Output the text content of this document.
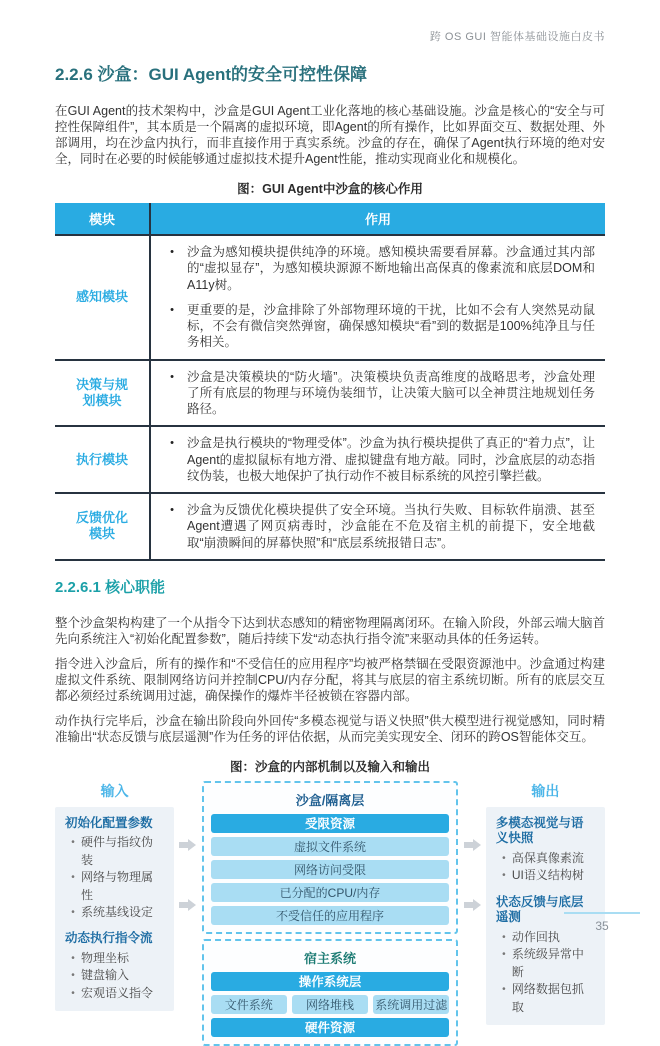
跨 OS GUI 智能体基础设施白皮书
2.2.6 沙盒：GUI Agent的安全可控性保障

在GUI Agent的技术架构中，沙盒是GUI Agent工业化落地的核心基础设施。沙盒是核心的“安全与可控性保障组件”，其本质是一个隔离的虚拟环境，即Agent的所有操作，比如界面交互、数据处理、外部调用，均在沙盒内执行，而非直接作用于真实系统。沙盒的存在，确保了Agent执行环境的绝对安全，同时在必要的时候能够通过虚拟技术提升Agent性能，推动实现商业化和规模化。

图：GUI Agent中沙盒的核心作用
模块	作用
感知模块	• 沙盒为感知模块提供纯净的环境。感知模块需要看屏幕。沙盒通过其内部的“虚拟显存”，为感知模块源源不断地输出高保真的像素流和底层DOM和A11y树。
• 更重要的是，沙盒排除了外部物理环境的干扰，比如不会有人突然晃动鼠标，不会有微信突然弹窗，确保感知模块“看”到的数据是100%纯净且与任务相关。

决策与规划模块	• 沙盒是决策模块的“防火墙”。决策模块负责高维度的战略思考，沙盒处理了所有底层的物理与环境伪装细节，让决策大脑可以全神贯注地规划任务路径。

执行模块	• 沙盒是执行模块的“物理受体”。沙盒为执行模块提供了真正的“着力点”，让Agent的虚拟鼠标有地方滑、虚拟键盘有地方敲。同时，沙盒底层的动态指纹伪装，也极大地保护了执行动作不被目标系统的风控引擎拦截。

反馈优化模块	• 沙盒为反馈优化模块提供了安全环境。当执行失败、目标软件崩溃、甚至Agent遭遇了网页病毒时，沙盒能在不危及宿主机的前提下，安全地截取“崩溃瞬间的屏幕快照”和“底层系统报错日志”。
2.2.6.1 核心职能

整个沙盒架构构建了一个从指令下达到状态感知的精密物理隔离闭环。在输入阶段，外部云端大脑首先向系统注入“初始化配置参数”，随后持续下发“动态执行指令流”来驱动具体的任务运转。

指令进入沙盒后，所有的操作和“不受信任的应用程序”均被严格禁锢在受限资源池中。沙盒通过构建虚拟文件系统、限制网络访问并控制CPU/内存分配，将其与底层的宿主系统切断。所有的底层交互都必须经过系统调用过滤，确保操作的爆炸半径被锁在容器内部。

动作执行完毕后，沙盒在输出阶段向外回传“多模态视觉与语义快照”供大模型进行视觉感知，同时精准输出“状态反馈与底层遥测”作为任务的评估依据，从而完美实现安全、闭环的跨OS智能体交互。

图：沙盒的内部机制以及输入和输出
输入
初始化配置参数
• 硬件与指纹伪装
• 网络与物理属性
• 系统基线设定
动态执行指令流
• 物理坐标
• 键盘输入
• 宏观语义指令
沙盒/隔离层
受限资源
虚拟文件系统
网络访问受限
已分配的CPU/内存
不受信任的应用程序
宿主系统
操作系统层
文件系统	网络堆栈	系统调用过滤
硬件资源
输出
多模态视觉与语义快照
• 高保真像素流
• UI语义结构树
状态反馈与底层遥测
• 动作回执
• 系统级异常中断
• 网络数据包抓取
35
